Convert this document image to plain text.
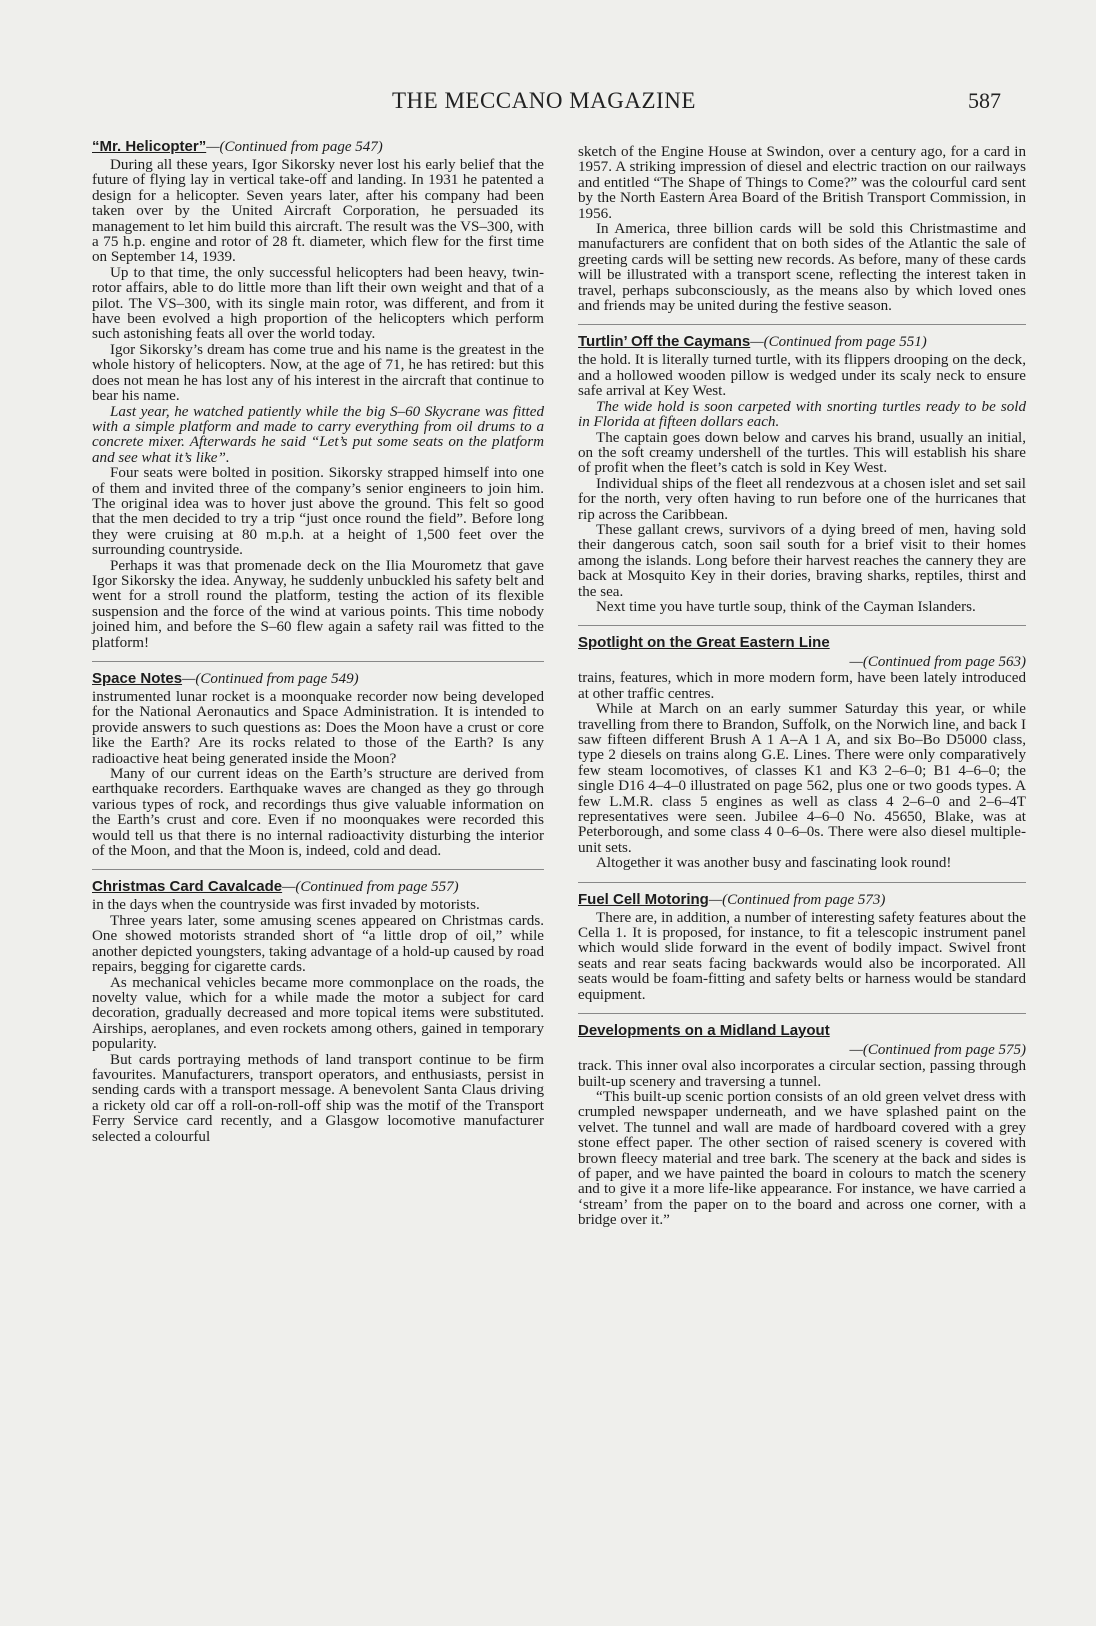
THE MECCANO MAGAZINE	587
“Mr. Helicopter”—(Continued from page 547)

During all these years, Igor Sikorsky never lost his early belief that the future of flying lay in vertical take-off and landing. In 1931 he patented a design for a helicopter. Seven years later, after his company had been taken over by the United Aircraft Corporation, he persuaded its management to let him build this aircraft. The result was the VS–300, with a 75 h.p. engine and rotor of 28 ft. diameter, which flew for the first time on September 14, 1939.

Up to that time, the only successful helicopters had been heavy, twin-rotor affairs, able to do little more than lift their own weight and that of a pilot. The VS–300, with its single main rotor, was different, and from it have been evolved a high proportion of the helicopters which perform such astonishing feats all over the world today.

Igor Sikorsky’s dream has come true and his name is the greatest in the whole history of helicopters. Now, at the age of 71, he has retired: but this does not mean he has lost any of his interest in the aircraft that continue to bear his name.

Last year, he watched patiently while the big S–60 Skycrane was fitted with a simple platform and made to carry everything from oil drums to a concrete mixer. Afterwards he said “Let’s put some seats on the platform and see what it’s like”.

Four seats were bolted in position. Sikorsky strapped himself into one of them and invited three of the company’s senior engineers to join him. The original idea was to hover just above the ground. This felt so good that the men decided to try a trip “just once round the field”. Before long they were cruising at 80 m.p.h. at a height of 1,500 feet over the surrounding countryside.

Perhaps it was that promenade deck on the Ilia Mourometz that gave Igor Sikorsky the idea. Anyway, he suddenly unbuckled his safety belt and went for a stroll round the platform, testing the action of its flexible suspension and the force of the wind at various points. This time nobody joined him, and before the S–60 flew again a safety rail was fitted to the platform!

Space Notes—(Continued from page 549)

instrumented lunar rocket is a moonquake recorder now being developed for the National Aeronautics and Space Administration. It is intended to provide answers to such questions as: Does the Moon have a crust or core like the Earth? Are its rocks related to those of the Earth? Is any radioactive heat being generated inside the Moon?

Many of our current ideas on the Earth’s structure are derived from earthquake recorders. Earthquake waves are changed as they go through various types of rock, and recordings thus give valuable information on the Earth’s crust and core. Even if no moonquakes were recorded this would tell us that there is no internal radioactivity disturbing the interior of the Moon, and that the Moon is, indeed, cold and dead.

Christmas Card Cavalcade—(Continued from page 557)

in the days when the countryside was first invaded by motorists.

Three years later, some amusing scenes appeared on Christmas cards. One showed motorists stranded short of “a little drop of oil,” while another depicted youngsters, taking advantage of a hold-up caused by road repairs, begging for cigarette cards.

As mechanical vehicles became more commonplace on the roads, the novelty value, which for a while made the motor a subject for card decoration, gradually decreased and more topical items were substituted. Airships, aeroplanes, and even rockets among others, gained in temporary popularity.

But cards portraying methods of land transport continue to be firm favourites. Manufacturers, transport operators, and enthusiasts, persist in sending cards with a transport message. A benevolent Santa Claus driving a rickety old car off a roll-on-roll-off ship was the motif of the Transport Ferry Service card recently, and a Glasgow locomotive manufacturer selected a colourful

sketch of the Engine House at Swindon, over a century ago, for a card in 1957. A striking impression of diesel and electric traction on our railways and entitled “The Shape of Things to Come?” was the colourful card sent by the North Eastern Area Board of the British Transport Commission, in 1956.

In America, three billion cards will be sold this Christmastime and manufacturers are confident that on both sides of the Atlantic the sale of greeting cards will be setting new records. As before, many of these cards will be illustrated with a transport scene, reflecting the interest taken in travel, perhaps subconsciously, as the means also by which loved ones and friends may be united during the festive season.

Turtlin’ Off the Caymans—(Continued from page 551)

the hold. It is literally turned turtle, with its flippers drooping on the deck, and a hollowed wooden pillow is wedged under its scaly neck to ensure safe arrival at Key West.

The wide hold is soon carpeted with snorting turtles ready to be sold in Florida at fifteen dollars each.

The captain goes down below and carves his brand, usually an initial, on the soft creamy undershell of the turtles. This will establish his share of profit when the fleet’s catch is sold in Key West.

Individual ships of the fleet all rendezvous at a chosen islet and set sail for the north, very often having to run before one of the hurricanes that rip across the Caribbean.

These gallant crews, survivors of a dying breed of men, having sold their dangerous catch, soon sail south for a brief visit to their homes among the islands. Long before their harvest reaches the cannery they are back at Mosquito Key in their dories, braving sharks, reptiles, thirst and the sea.

Next time you have turtle soup, think of the Cayman Islanders.

Spotlight on the Great Eastern Line
—(Continued from page 563)

trains, features, which in more modern form, have been lately introduced at other traffic centres.

While at March on an early summer Saturday this year, or while travelling from there to Brandon, Suffolk, on the Norwich line, and back I saw fifteen different Brush A 1 A–A 1 A, and six Bo–Bo D5000 class, type 2 diesels on trains along G.E. Lines. There were only comparatively few steam locomotives, of classes K1 and K3 2–6–0; B1 4–6–0; the single D16 4–4–0 illustrated on page 562, plus one or two goods types. A few L.M.R. class 5 engines as well as class 4 2–6–0 and 2–6–4T representatives were seen. Jubilee 4–6–0 No. 45650, Blake, was at Peterborough, and some class 4 0–6–0s. There were also diesel multiple-unit sets.

Altogether it was another busy and fascinating look round!

Fuel Cell Motoring—(Continued from page 573)

There are, in addition, a number of interesting safety features about the Cella 1. It is proposed, for instance, to fit a telescopic instrument panel which would slide forward in the event of bodily impact. Swivel front seats and rear seats facing backwards would also be incorporated. All seats would be foam-fitting and safety belts or harness would be standard equipment.

Developments on a Midland Layout
—(Continued from page 575)

track. This inner oval also incorporates a circular section, passing through built-up scenery and traversing a tunnel.

“This built-up scenic portion consists of an old green velvet dress with crumpled newspaper underneath, and we have splashed paint on the velvet. The tunnel and wall are made of hardboard covered with a grey stone effect paper. The other section of raised scenery is covered with brown fleecy material and tree bark. The scenery at the back and sides is of paper, and we have painted the board in colours to match the scenery and to give it a more life-like appearance. For instance, we have carried a ‘stream’ from the paper on to the board and across one corner, with a bridge over it.”
